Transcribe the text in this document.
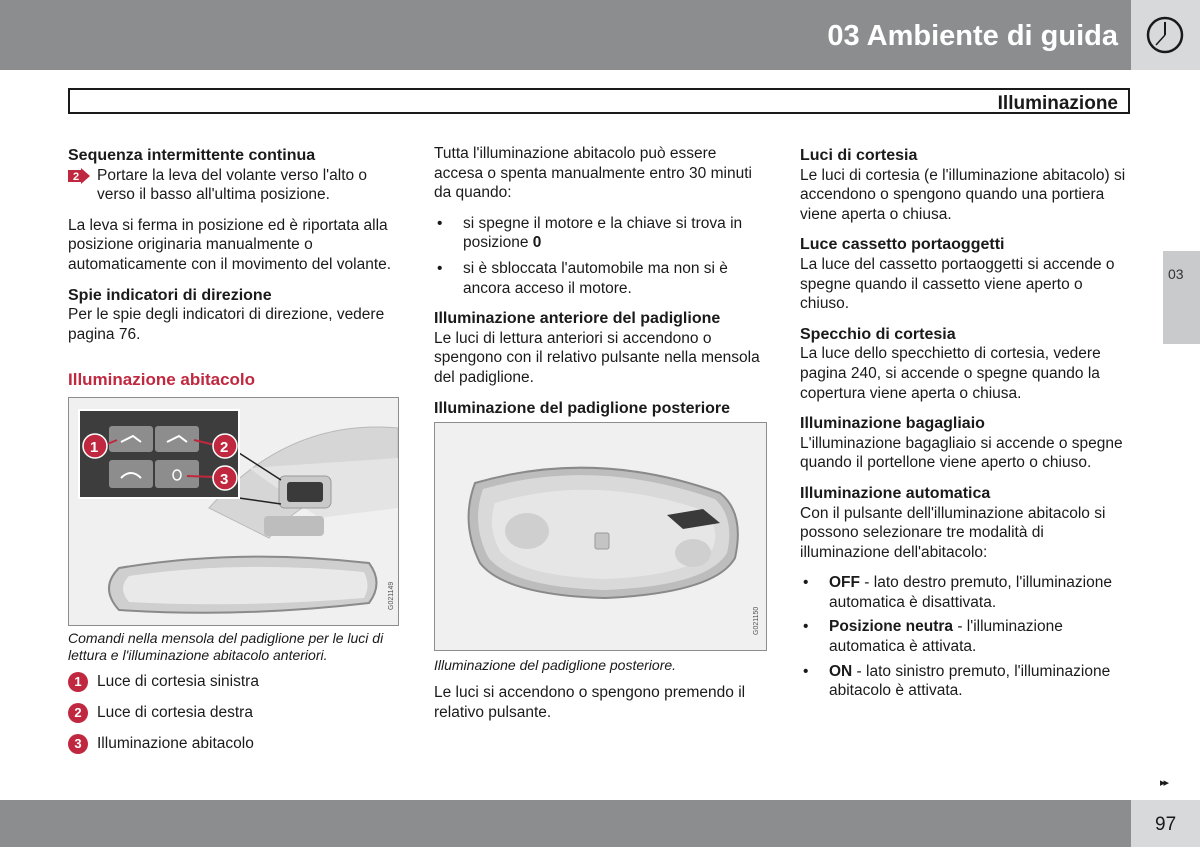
03 Ambiente di guida
Illuminazione

Sequenza intermittente continua

2 Portare la leva del volante verso l'alto o verso il basso all'ultima posizione.

La leva si ferma in posizione ed è riportata alla posizione originaria manualmente o automaticamente con il movimento del volante.

Spie indicatori di direzione

Per le spie degli indicatori di direzione, vedere pagina 76.

Illuminazione abitacolo

1	2
3
G021149

Comandi nella mensola del padiglione per le luci di lettura e l'illuminazione abitacolo anteriori.

1 Luce di cortesia sinistra
2 Luce di cortesia destra
3 Illuminazione abitacolo

Tutta l'illuminazione abitacolo può essere accesa o spenta manualmente entro 30 minuti da quando:

• si spegne il motore e la chiave si trova in posizione 0
• si è sbloccata l'automobile ma non si è ancora acceso il motore.

Illuminazione anteriore del padiglione

Le luci di lettura anteriori si accendono o spengono con il relativo pulsante nella mensola del padiglione.

Illuminazione del padiglione posteriore

G021150

Illuminazione del padiglione posteriore.

Le luci si accendono o spengono premendo il relativo pulsante.

Luci di cortesia

Le luci di cortesia (e l'illuminazione abitacolo) si accendono o spengono quando una portiera viene aperta o chiusa.

Luce cassetto portaoggetti

La luce del cassetto portaoggetti si accende o spegne quando il cassetto viene aperto o chiuso.

Specchio di cortesia

La luce dello specchietto di cortesia, vedere pagina 240, si accende o spegne quando la copertura viene aperta o chiusa.

Illuminazione bagagliaio

L'illuminazione bagagliaio si accende o spegne quando il portellone viene aperto o chiuso.

Illuminazione automatica

Con il pulsante dell'illuminazione abitacolo si possono selezionare tre modalità di illuminazione dell'abitacolo:

• OFF - lato destro premuto, l'illuminazione automatica è disattivata.
• Posizione neutra - l'illuminazione automatica è attivata.
• ON - lato sinistro premuto, l'illuminazione abitacolo è attivata.
03
▸▸
97
